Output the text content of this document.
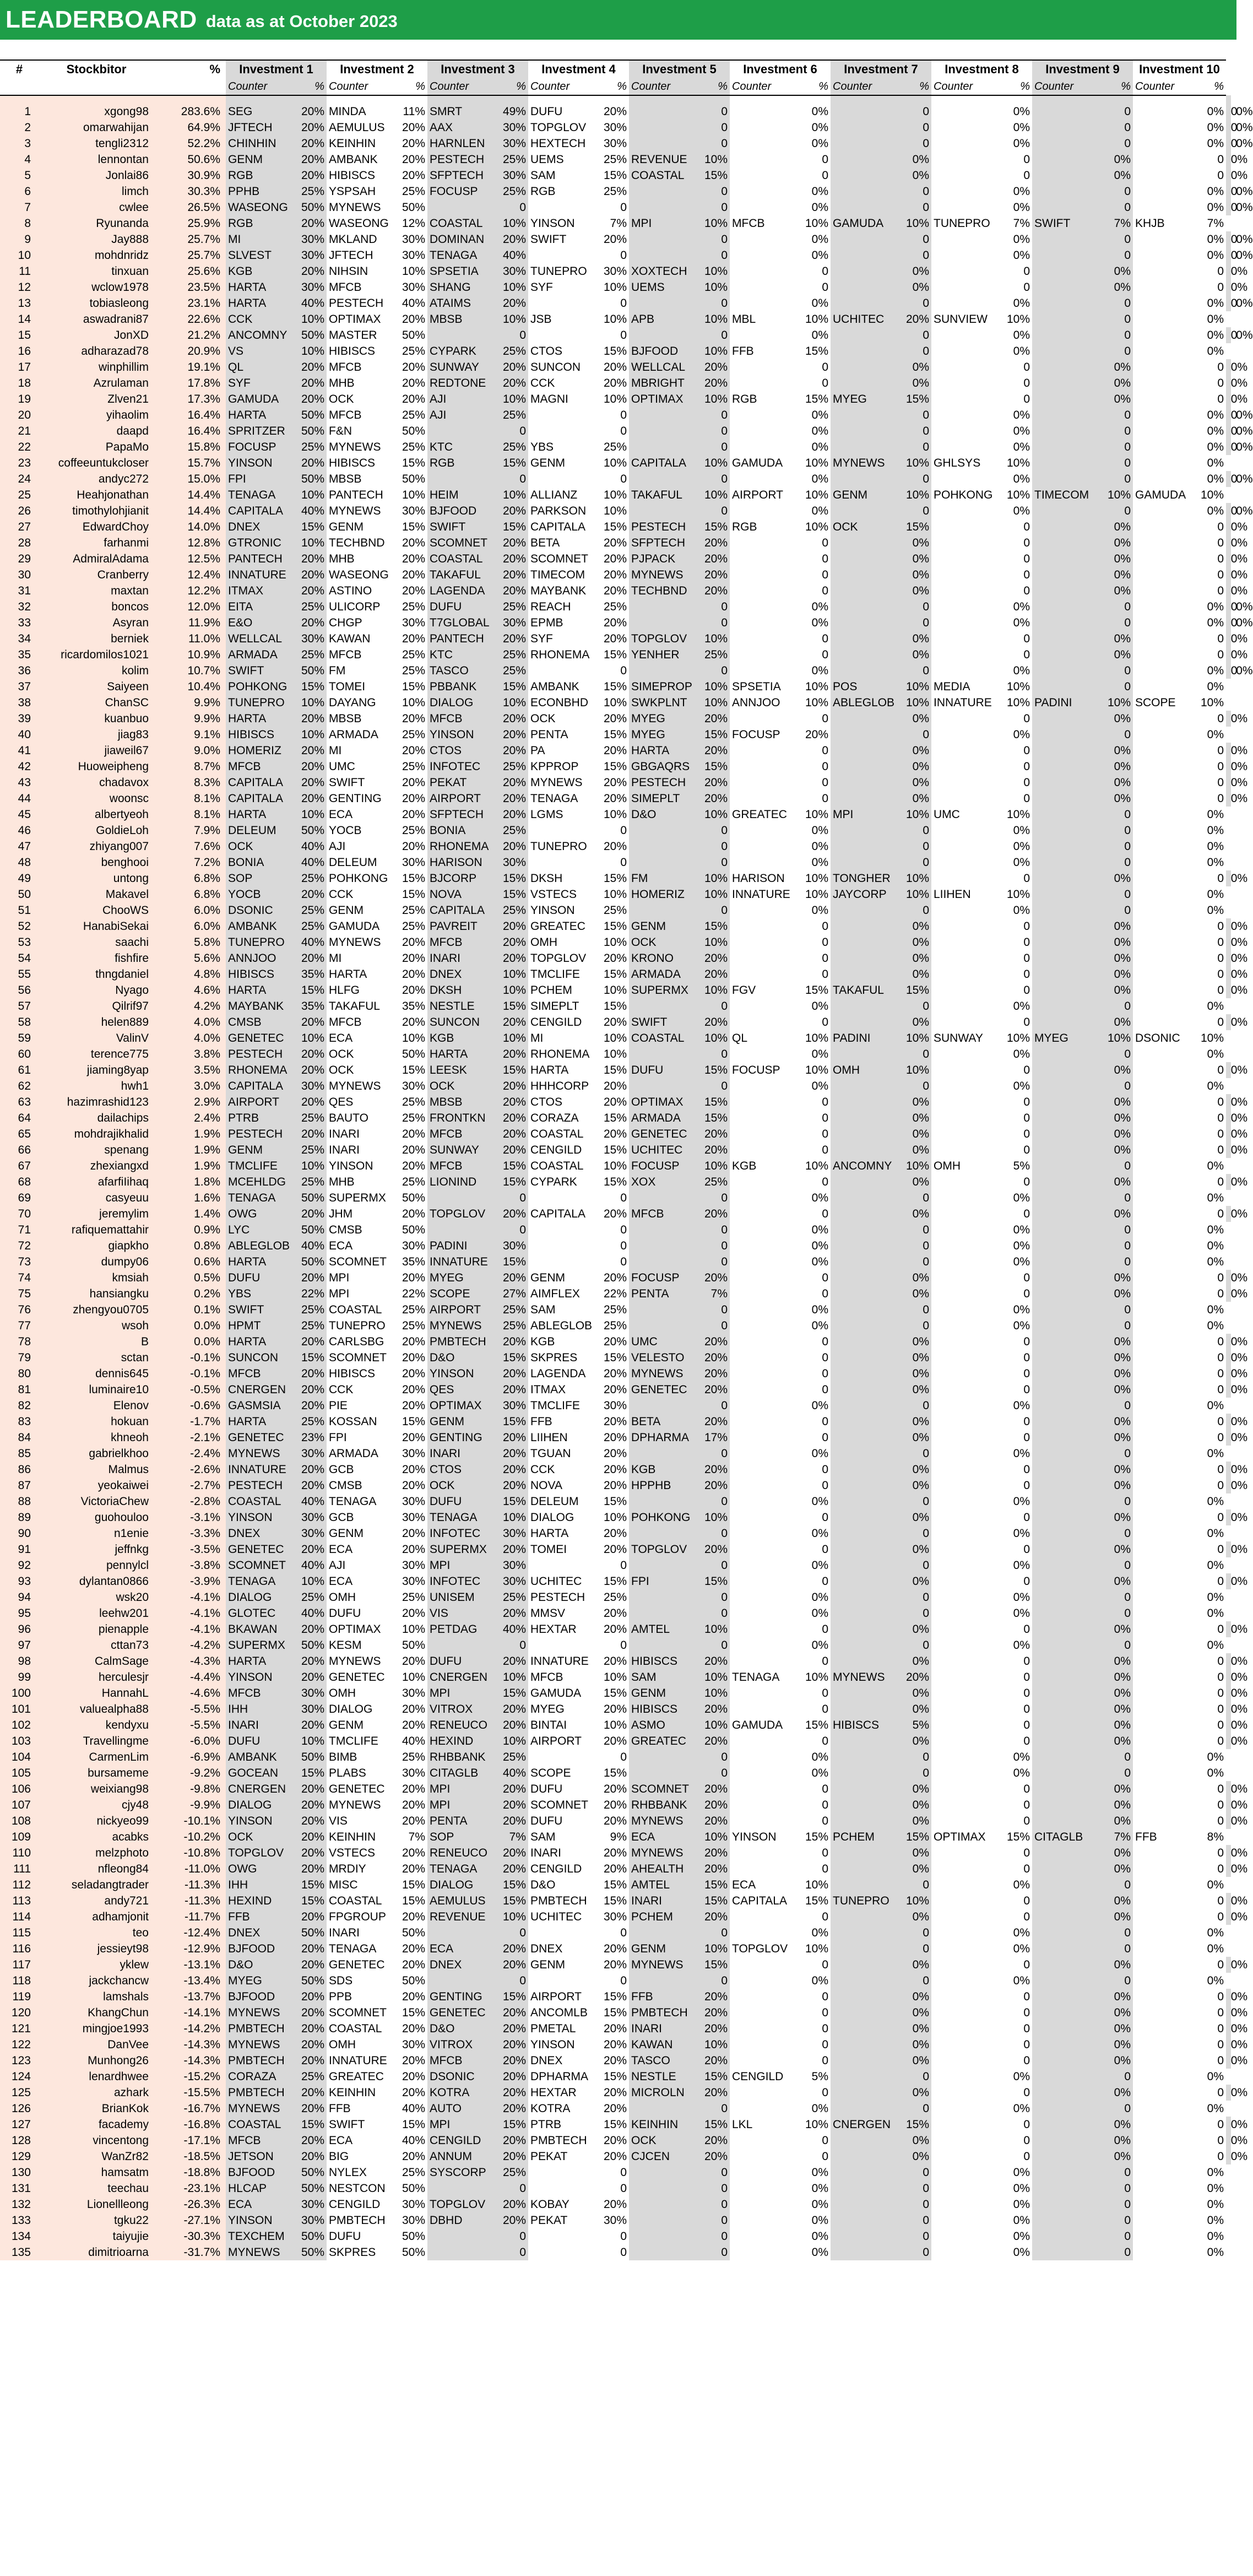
LEADERBOARD data as at October 2023
#	Stockbitor	%	Investment 1		Investment 2		Investment 3		Investment 4		Investment 5		Investment 6		Investment 7		Investment 8		Investment 9		Investment 10					
			Counter	%	Counter	%	Counter	%	Counter	%	Counter	%	Counter	%	Counter	%	Counter	%	Counter	%	Counter	%				
1	xgong98	283.6%	SEG	20%	MINDA	11%	SMRT	49%	DUFU	20%		0		0%		0		0%		0		0%		0		0%
2	omarwahijan	64.9%	JFTECH	20%	AEMULUS	20%	AAX	30%	TOPGLOV	30%		0		0%		0		0%		0		0%		0		0%
3	tengli2312	52.2%	CHINHIN	20%	KEINHIN	20%	HARNLEN	30%	HEXTECH	30%		0		0%		0		0%		0		0%		0		0%
4	lennontan	50.6%	GENM	20%	AMBANK	20%	PESTECH	25%	UEMS	25%	REVENUE	10%		0		0%		0		0%		0		0%		
5	Jonlai86	30.9%	RGB	20%	HIBISCS	20%	SFPTECH	30%	SAM	15%	COASTAL	15%		0		0%		0		0%		0		0%		
6	limch	30.3%	PPHB	25%	YSPSAH	25%	FOCUSP	25%	RGB	25%		0		0%		0		0%		0		0%		0		0%
7	cwlee	26.5%	WASEONG	50%	MYNEWS	50%		0		0		0		0%		0		0%		0		0%		0		0%
8	Ryunanda	25.9%	RGB	20%	WASEONG	12%	COASTAL	10%	YINSON	7%	MPI	10%	MFCB	10%	GAMUDA	10%	TUNEPRO	7%	SWIFT	7%	KHJB	7%				
9	Jay888	25.7%	MI	30%	MKLAND	30%	DOMINAN	20%	SWIFT	20%		0		0%		0		0%		0		0%		0		0%
10	mohdnridz	25.7%	SLVEST	30%	JFTECH	30%	TENAGA	40%		0		0		0%		0		0%		0		0%		0		0%
11	tinxuan	25.6%	KGB	20%	NIHSIN	10%	SPSETIA	30%	TUNEPRO	30%	XOXTECH	10%		0		0%		0		0%		0		0%		
12	wclow1978	23.5%	HARTA	30%	MFCB	30%	SHANG	10%	SYF	10%	UEMS	10%		0		0%		0		0%		0		0%		
13	tobiasleong	23.1%	HARTA	40%	PESTECH	40%	ATAIMS	20%		0		0		0%		0		0%		0		0%		0		0%
14	aswadrani87	22.6%	CCK	10%	OPTIMAX	20%	MBSB	10%	JSB	10%	APB	10%	MBL	10%	UCHITEC	20%	SUNVIEW	10%		0		0%				
15	JonXD	21.2%	ANCOMNY	50%	MASTER	50%		0		0		0		0%		0		0%		0		0%		0		0%
16	adharazad78	20.9%	VS	10%	HIBISCS	25%	CYPARK	25%	CTOS	15%	BJFOOD	10%	FFB	15%		0		0%		0		0%				
17	winphillim	19.1%	QL	20%	MFCB	20%	SUNWAY	20%	SUNCON	20%	WELLCAL	20%		0		0%		0		0%		0		0%		
18	Azrulaman	17.8%	SYF	20%	MHB	20%	REDTONE	20%	CCK	20%	MBRIGHT	20%		0		0%		0		0%		0		0%		
19	Zlven21	17.3%	GAMUDA	20%	OCK	20%	AJI	10%	MAGNI	10%	OPTIMAX	10%	RGB	15%	MYEG	15%		0		0%		0		0%		
20	yihaolim	16.4%	HARTA	50%	MFCB	25%	AJI	25%		0		0		0%		0		0%		0		0%		0		0%
21	daapd	16.4%	SPRITZER	50%	F&N	50%		0		0		0		0%		0		0%		0		0%		0		0%
22	PapaMo	15.8%	FOCUSP	25%	MYNEWS	25%	KTC	25%	YBS	25%		0		0%		0		0%		0		0%		0		0%
23	coffeeuntukcloser	15.7%	YINSON	20%	HIBISCS	15%	RGB	15%	GENM	10%	CAPITALA	10%	GAMUDA	10%	MYNEWS	10%	GHLSYS	10%		0		0%				
24	andyc272	15.0%	FPI	50%	MBSB	50%		0		0		0		0%		0		0%		0		0%		0		0%
25	Heahjonathan	14.4%	TENAGA	10%	PANTECH	10%	HEIM	10%	ALLIANZ	10%	TAKAFUL	10%	AIRPORT	10%	GENM	10%	POHKONG	10%	TIMECOM	10%	GAMUDA	10%				
26	timothylohjianit	14.4%	CAPITALA	40%	MYNEWS	30%	BJFOOD	20%	PARKSON	10%		0		0%		0		0%		0		0%		0		0%
27	EdwardChoy	14.0%	DNEX	15%	GENM	15%	SWIFT	15%	CAPITALA	15%	PESTECH	15%	RGB	10%	OCK	15%		0		0%		0		0%		
28	farhanmi	12.8%	GTRONIC	10%	TECHBND	20%	SCOMNET	20%	BETA	20%	SFPTECH	20%		0		0%		0		0%		0		0%		
29	AdmiralAdama	12.5%	PANTECH	20%	MHB	20%	COASTAL	20%	SCOMNET	20%	PJPACK	20%		0		0%		0		0%		0		0%		
30	Cranberry	12.4%	INNATURE	20%	WASEONG	20%	TAKAFUL	20%	TIMECOM	20%	MYNEWS	20%		0		0%		0		0%		0		0%		
31	maxtan	12.2%	ITMAX	20%	ASTINO	20%	LAGENDA	20%	MAYBANK	20%	TECHBND	20%		0		0%		0		0%		0		0%		
32	boncos	12.0%	EITA	25%	ULICORP	25%	DUFU	25%	REACH	25%		0		0%		0		0%		0		0%		0		0%
33	Asyran	11.9%	E&O	20%	CHGP	30%	T7GLOBAL	30%	EPMB	20%		0		0%		0		0%		0		0%		0		0%
34	berniek	11.0%	WELLCAL	30%	KAWAN	20%	PANTECH	20%	SYF	20%	TOPGLOV	10%		0		0%		0		0%		0		0%		
35	ricardomilos1021	10.9%	ARMADA	25%	MFCB	25%	KTC	25%	RHONEMA	15%	YENHER	25%		0		0%		0		0%		0		0%		
36	kolim	10.7%	SWIFT	50%	FM	25%	TASCO	25%		0		0		0%		0		0%		0		0%		0		0%
37	Saiyeen	10.4%	POHKONG	15%	TOMEI	15%	PBBANK	15%	AMBANK	15%	SIMEPROP	10%	SPSETIA	10%	POS	10%	MEDIA	10%		0		0%				
38	ChanSC	9.9%	TUNEPRO	10%	DAYANG	10%	DIALOG	10%	ECONBHD	10%	SWKPLNT	10%	ANNJOO	10%	ABLEGLOB	10%	INNATURE	10%	PADINI	10%	SCOPE	10%				
39	kuanbuo	9.9%	HARTA	20%	MBSB	20%	MFCB	20%	OCK	20%	MYEG	20%		0		0%		0		0%		0		0%		
40	jiag83	9.1%	HIBISCS	10%	ARMADA	25%	YINSON	20%	PENTA	15%	MYEG	15%	FOCUSP	20%		0		0%		0		0%				
41	jiaweil67	9.0%	HOMERIZ	20%	MI	20%	CTOS	20%	PA	20%	HARTA	20%		0		0%		0		0%		0		0%		
42	Huoweipheng	8.7%	MFCB	20%	UMC	25%	INFOTEC	25%	KPPROP	15%	GBGAQRS	15%		0		0%		0		0%		0		0%		
43	chadavox	8.3%	CAPITALA	20%	SWIFT	20%	PEKAT	20%	MYNEWS	20%	PESTECH	20%		0		0%		0		0%		0		0%		
44	woonsc	8.1%	CAPITALA	20%	GENTING	20%	AIRPORT	20%	TENAGA	20%	SIMEPLT	20%		0		0%		0		0%		0		0%		
45	albertyeoh	8.1%	HARTA	10%	ECA	20%	SFPTECH	20%	LGMS	10%	D&O	10%	GREATEC	10%	MPI	10%	UMC	10%		0		0%				
46	GoldieLoh	7.9%	DELEUM	50%	YOCB	25%	BONIA	25%		0		0		0%		0		0%		0		0%				
47	zhiyang007	7.6%	OCK	40%	AJI	20%	RHONEMA	20%	TUNEPRO	20%		0		0%		0		0%		0		0%				
48	benghooi	7.2%	BONIA	40%	DELEUM	30%	HARISON	30%		0		0		0%		0		0%		0		0%				
49	untong	6.8%	SOP	25%	POHKONG	15%	BJCORP	15%	DKSH	15%	FM	10%	HARISON	10%	TONGHER	10%		0		0%		0		0%		
50	Makavel	6.8%	YOCB	20%	CCK	15%	NOVA	15%	VSTECS	10%	HOMERIZ	10%	INNATURE	10%	JAYCORP	10%	LIIHEN	10%		0		0%				
51	ChooWS	6.0%	DSONIC	25%	GENM	25%	CAPITALA	25%	YINSON	25%		0		0%		0		0%		0		0%				
52	HanabiSekai	6.0%	AMBANK	25%	GAMUDA	25%	PAVREIT	20%	GREATEC	15%	GENM	15%		0		0%		0		0%		0		0%		
53	saachi	5.8%	TUNEPRO	40%	MYNEWS	20%	MFCB	20%	OMH	10%	OCK	10%		0		0%		0		0%		0		0%		
54	fishfire	5.6%	ANNJOO	20%	MI	20%	INARI	20%	TOPGLOV	20%	KRONO	20%		0		0%		0		0%		0		0%		
55	thngdaniel	4.8%	HIBISCS	35%	HARTA	20%	DNEX	10%	TMCLIFE	15%	ARMADA	20%		0		0%		0		0%		0		0%		
56	Nyago	4.6%	HARTA	15%	HLFG	20%	DKSH	10%	PCHEM	10%	SUPERMX	10%	FGV	15%	TAKAFUL	15%		0		0%		0		0%		
57	Qilrif97	4.2%	MAYBANK	35%	TAKAFUL	35%	NESTLE	15%	SIMEPLT	15%		0		0%		0		0%		0		0%				
58	helen889	4.0%	CMSB	20%	MFCB	20%	SUNCON	20%	CENGILD	20%	SWIFT	20%		0		0%		0		0%		0		0%		
59	ValinV	4.0%	GENETEC	10%	ECA	10%	KGB	10%	MI	10%	COASTAL	10%	QL	10%	PADINI	10%	SUNWAY	10%	MYEG	10%	DSONIC	10%				
60	terence775	3.8%	PESTECH	20%	OCK	50%	HARTA	20%	RHONEMA	10%		0		0%		0		0%		0		0%				
61	jiaming8yap	3.5%	RHONEMA	20%	OCK	15%	LEESK	15%	HARTA	15%	DUFU	15%	FOCUSP	10%	OMH	10%		0		0%		0		0%		
62	hwh1	3.0%	CAPITALA	30%	MYNEWS	30%	OCK	20%	HHHCORP	20%		0		0%		0		0%		0		0%				
63	hazimrashid123	2.9%	AIRPORT	20%	QES	25%	MBSB	20%	CTOS	20%	OPTIMAX	15%		0		0%		0		0%		0		0%		
64	dailachips	2.4%	PTRB	25%	BAUTO	25%	FRONTKN	20%	CORAZA	15%	ARMADA	15%		0		0%		0		0%		0		0%		
65	mohdrajikhalid	1.9%	PESTECH	20%	INARI	20%	MFCB	20%	COASTAL	20%	GENETEC	20%		0		0%		0		0%		0		0%		
66	spenang	1.9%	GENM	25%	INARI	20%	SUNWAY	20%	CENGILD	15%	UCHITEC	20%		0		0%		0		0%		0		0%		
67	zhexiangxd	1.9%	TMCLIFE	10%	YINSON	20%	MFCB	15%	COASTAL	10%	FOCUSP	10%	KGB	10%	ANCOMNY	10%	OMH	5%		0		0%				
68	afarfiIihaq	1.8%	MCEHLDG	25%	MHB	25%	LIONIND	15%	CYPARK	15%	XOX	25%		0		0%		0		0%		0		0%		
69	casyeuu	1.6%	TENAGA	50%	SUPERMX	50%		0		0		0		0%		0		0%		0		0%				
70	jeremylim	1.4%	OWG	20%	JHM	20%	TOPGLOV	20%	CAPITALA	20%	MFCB	20%		0		0%		0		0%		0		0%		
71	rafiquemattahir	0.9%	LYC	50%	CMSB	50%		0		0		0		0%		0		0%		0		0%				
72	giapkho	0.8%	ABLEGLOB	40%	ECA	30%	PADINI	30%		0		0		0%		0		0%		0		0%				
73	dumpy06	0.6%	HARTA	50%	SCOMNET	35%	INNATURE	15%		0		0		0%		0		0%		0		0%				
74	kmsiah	0.5%	DUFU	20%	MPI	20%	MYEG	20%	GENM	20%	FOCUSP	20%		0		0%		0		0%		0		0%		
75	hansiangku	0.2%	YBS	22%	MPI	22%	SCOPE	27%	AIMFLEX	22%	PENTA	7%		0		0%		0		0%		0		0%		
76	zhengyou0705	0.1%	SWIFT	25%	COASTAL	25%	AIRPORT	25%	SAM	25%		0		0%		0		0%		0		0%				
77	wsoh	0.0%	HPMT	25%	TUNEPRO	25%	MYNEWS	25%	ABLEGLOB	25%		0		0%		0		0%		0		0%				
78	B	0.0%	HARTA	20%	CARLSBG	20%	PMBTECH	20%	KGB	20%	UMC	20%		0		0%		0		0%		0		0%		
79	sctan	-0.1%	SUNCON	15%	SCOMNET	20%	D&O	15%	SKPRES	15%	VELESTO	20%		0		0%		0		0%		0		0%		
80	dennis645	-0.1%	MFCB	20%	HIBISCS	20%	YINSON	20%	LAGENDA	20%	MYNEWS	20%		0		0%		0		0%		0		0%		
81	luminaire10	-0.5%	CNERGEN	20%	CCK	20%	QES	20%	ITMAX	20%	GENETEC	20%		0		0%		0		0%		0		0%		
82	Elenov	-0.6%	GASMSIA	20%	PIE	20%	OPTIMAX	30%	TMCLIFE	30%		0		0%		0		0%		0		0%				
83	hokuan	-1.7%	HARTA	25%	KOSSAN	15%	GENM	15%	FFB	20%	BETA	20%		0		0%		0		0%		0		0%		
84	khneoh	-2.1%	GENETEC	23%	FPI	20%	GENTING	20%	LIIHEN	20%	DPHARMA	17%		0		0%		0		0%		0		0%		
85	gabrielkhoo	-2.4%	MYNEWS	30%	ARMADA	30%	INARI	20%	TGUAN	20%		0		0%		0		0%		0		0%				
86	Malmus	-2.6%	INNATURE	20%	GCB	20%	CTOS	20%	CCK	20%	KGB	20%		0		0%		0		0%		0		0%		
87	yeokaiwei	-2.7%	PESTECH	20%	CMSB	20%	OCK	20%	NOVA	20%	HPPHB	20%		0		0%		0		0%		0		0%		
88	VictoriaChew	-2.8%	COASTAL	40%	TENAGA	30%	DUFU	15%	DELEUM	15%		0		0%		0		0%		0		0%				
89	guohouloo	-3.1%	YINSON	30%	GCB	30%	TENAGA	10%	DIALOG	10%	POHKONG	10%		0		0%		0		0%		0		0%		
90	n1enie	-3.3%	DNEX	30%	GENM	20%	INFOTEC	30%	HARTA	20%		0		0%		0		0%		0		0%				
91	jeffnkg	-3.5%	GENETEC	20%	ECA	20%	SUPERMX	20%	TOMEI	20%	TOPGLOV	20%		0		0%		0		0%		0		0%		
92	pennylcl	-3.8%	SCOMNET	40%	AJI	30%	MPI	30%		0		0		0%		0		0%		0		0%				
93	dylantan0866	-3.9%	TENAGA	10%	ECA	30%	INFOTEC	30%	UCHITEC	15%	FPI	15%		0		0%		0		0%		0		0%		
94	wsk20	-4.1%	DIALOG	25%	OMH	25%	UNISEM	25%	PESTECH	25%		0		0%		0		0%		0		0%				
95	leehw201	-4.1%	GLOTEC	40%	DUFU	20%	VIS	20%	MMSV	20%		0		0%		0		0%		0		0%				
96	pienapple	-4.1%	BKAWAN	20%	OPTIMAX	10%	PETDAG	40%	HEXTAR	20%	AMTEL	10%		0		0%		0		0%		0		0%		
97	cttan73	-4.2%	SUPERMX	50%	KESM	50%		0		0		0		0%		0		0%		0		0%				
98	CalmSage	-4.3%	HARTA	20%	MYNEWS	20%	DUFU	20%	INNATURE	20%	HIBISCS	20%		0		0%		0		0%		0		0%		
99	herculesjr	-4.4%	YINSON	20%	GENETEC	10%	CNERGEN	10%	MFCB	10%	SAM	10%	TENAGA	10%	MYNEWS	20%		0		0%		0		0%		
100	HannahL	-4.6%	MFCB	30%	OMH	30%	MPI	15%	GAMUDA	15%	GENM	10%		0		0%		0		0%		0		0%		
101	valuealpha88	-5.5%	IHH	30%	DIALOG	20%	VITROX	20%	MYEG	20%	HIBISCS	20%		0		0%		0		0%		0		0%		
102	kendyxu	-5.5%	INARI	20%	GENM	20%	RENEUCO	20%	BINTAI	10%	ASMO	10%	GAMUDA	15%	HIBISCS	5%		0		0%		0		0%		
103	Travellingme	-6.0%	DUFU	10%	TMCLIFE	40%	HEXIND	10%	AIRPORT	20%	GREATEC	20%		0		0%		0		0%		0		0%		
104	CarmenLim	-6.9%	AMBANK	50%	BIMB	25%	RHBBANK	25%		0		0		0%		0		0%		0		0%				
105	bursameme	-9.2%	GOCEAN	15%	PLABS	30%	CITAGLB	40%	SCOPE	15%		0		0%		0		0%		0		0%				
106	weixiang98	-9.8%	CNERGEN	20%	GENETEC	20%	MPI	20%	DUFU	20%	SCOMNET	20%		0		0%		0		0%		0		0%		
107	cjy48	-9.9%	DIALOG	20%	MYNEWS	20%	MPI	20%	SCOMNET	20%	RHBBANK	20%		0		0%		0		0%		0		0%		
108	nickyeo99	-10.1%	YINSON	20%	VIS	20%	PENTA	20%	DUFU	20%	MYNEWS	20%		0		0%		0		0%		0		0%		
109	acabks	-10.2%	OCK	20%	KEINHIN	7%	SOP	7%	SAM	9%	ECA	10%	YINSON	15%	PCHEM	15%	OPTIMAX	15%	CITAGLB	7%	FFB	8%				
110	melzphoto	-10.8%	TOPGLOV	20%	VSTECS	20%	RENEUCO	20%	INARI	20%	MYNEWS	20%		0		0%		0		0%		0		0%		
111	nfleong84	-11.0%	OWG	20%	MRDIY	20%	TENAGA	20%	CENGILD	20%	AHEALTH	20%		0		0%		0		0%		0		0%		
112	seladangtrader	-11.3%	IHH	15%	MISC	15%	DIALOG	15%	D&O	15%	AMTEL	15%	ECA	10%		0		0%		0		0%				
113	andy721	-11.3%	HEXIND	15%	COASTAL	15%	AEMULUS	15%	PMBTECH	15%	INARI	15%	CAPITALA	15%	TUNEPRO	10%		0		0%		0		0%		
114	adhamjonit	-11.7%	FFB	20%	FPGROUP	20%	REVENUE	10%	UCHITEC	30%	PCHEM	20%		0		0%		0		0%		0		0%		
115	teo	-12.4%	DNEX	50%	INARI	50%		0		0		0		0%		0		0%		0		0%				
116	jessieyt98	-12.9%	BJFOOD	20%	TENAGA	20%	ECA	20%	DNEX	20%	GENM	10%	TOPGLOV	10%		0		0%		0		0%				
117	yklew	-13.1%	D&O	20%	GENETEC	20%	DNEX	20%	GENM	20%	MYNEWS	15%		0		0%		0		0%		0		0%		
118	jackchancw	-13.4%	MYEG	50%	SDS	50%		0		0		0		0%		0		0%		0		0%				
119	lamshals	-13.7%	BJFOOD	20%	PPB	20%	GENTING	15%	AIRPORT	15%	FFB	20%		0		0%		0		0%		0		0%		
120	KhangChun	-14.1%	MYNEWS	20%	SCOMNET	15%	GENETEC	20%	ANCOMLB	15%	PMBTECH	20%		0		0%		0		0%		0		0%		
121	mingjoe1993	-14.2%	PMBTECH	20%	COASTAL	20%	D&O	20%	PMETAL	20%	INARI	20%		0		0%		0		0%		0		0%		
122	DanVee	-14.3%	MYNEWS	20%	OMH	30%	VITROX	20%	YINSON	20%	KAWAN	10%		0		0%		0		0%		0		0%		
123	Munhong26	-14.3%	PMBTECH	20%	INNATURE	20%	MFCB	20%	DNEX	20%	TASCO	20%		0		0%		0		0%		0		0%		
124	lenardhwee	-15.2%	CORAZA	25%	GREATEC	20%	DSONIC	20%	DPHARMA	15%	NESTLE	15%	CENGILD	5%		0		0%		0		0%				
125	azhark	-15.5%	PMBTECH	20%	KEINHIN	20%	KOTRA	20%	HEXTAR	20%	MICROLN	20%		0		0%		0		0%		0		0%		
126	BrianKok	-16.7%	MYNEWS	20%	FFB	40%	AUTO	20%	KOTRA	20%		0		0%		0		0%		0		0%				
127	facademy	-16.8%	COASTAL	15%	SWIFT	15%	MPI	15%	PTRB	15%	KEINHIN	15%	LKL	10%	CNERGEN	15%		0		0%		0		0%		
128	vincentong	-17.1%	MFCB	20%	ECA	40%	CENGILD	20%	PMBTECH	20%	OCK	20%		0		0%		0		0%		0		0%		
129	WanZr82	-18.5%	JETSON	20%	BIG	20%	ANNUM	20%	PEKAT	20%	CJCEN	20%		0		0%		0		0%		0		0%		
130	hamsatm	-18.8%	BJFOOD	50%	NYLEX	25%	SYSCORP	25%		0		0		0%		0		0%		0		0%				
131	teechau	-23.1%	HLCAP	50%	NESTCON	50%		0		0		0		0%		0		0%		0		0%				
132	Lionellleong	-26.3%	ECA	30%	CENGILD	30%	TOPGLOV	20%	KOBAY	20%		0		0%		0		0%		0		0%				
133	tgku22	-27.1%	YINSON	30%	PMBTECH	30%	DBHD	20%	PEKAT	30%		0		0%		0		0%		0		0%				
134	taiyujie	-30.3%	TEXCHEM	50%	DUFU	50%		0		0		0		0%		0		0%		0		0%				
135	dimitrioarna	-31.7%	MYNEWS	50%	SKPRES	50%		0		0		0		0%		0		0%		0		0%				
